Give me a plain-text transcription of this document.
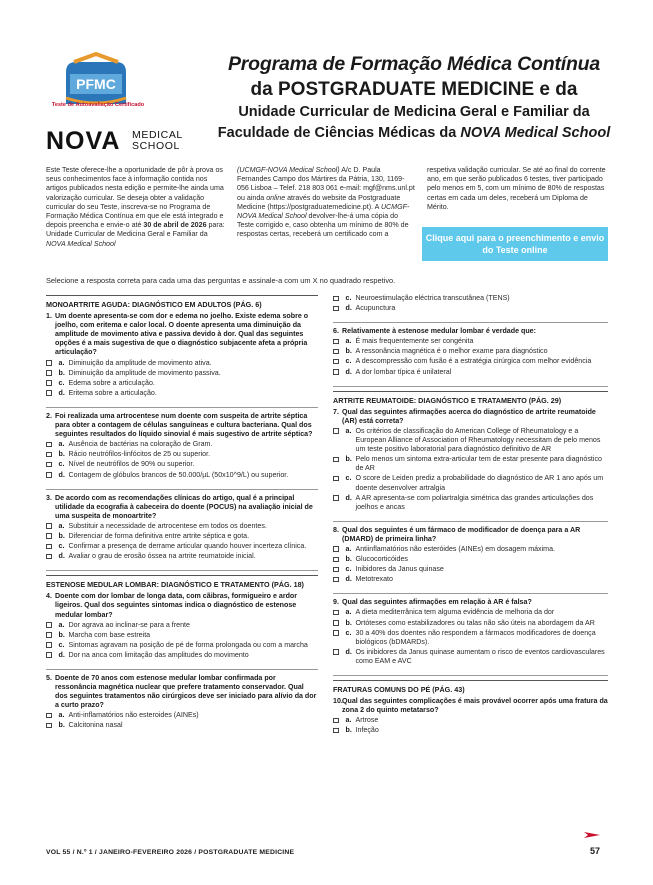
PFMC
Teste de Autoavaliação Certificado
NOVA MEDICAL
SCHOOL
Programa de Formação Médica Contínua
da POSTGRADUATE MEDICINE e da
Unidade Curricular de Medicina Geral e Familiar da
Faculdade de Ciências Médicas da NOVA Medical School
Este Teste oferece-lhe a oportunidade de pôr à prova os seus conhecimentos face à informação contida nos artigos publicados nesta edição e permite-lhe ainda uma valorização curricular. Se deseja obter a validação curricular do seu Teste, inscreva-se no Programa de Formação Médica Contínua em que ele está integrado e depois preencha e envie-o até 30 de abril de 2026 para: Unidade Curricular de Medicina Geral e Familiar da NOVA Medical School
(UCMGF-NOVA Medical School) A/c D. Paula Fernandes Campo dos Mártires da Pátria, 130, 1169-056 Lisboa – Telef. 218 803 061 e-mail: mgf@nms.unl.pt ou ainda online através do website da Postgraduate Medicine (https://postgraduatemedicine.pt). A UCMGF-NOVA Medical School devolver-lhe-á uma cópia do Teste corrigido e, caso obtenha um mínimo de 80% de respostas certas, receberá um certificado com a
respetiva validação curricular. Se até ao final do corrente ano, em que serão publicados 6 testes, tiver participado pelo menos em 5, com um mínimo de 80% de respostas certas em cada um deles, receberá um Diploma de Mérito.
Clique aqui para o preenchimento e envio do Teste online
Selecione a resposta correta para cada uma das perguntas e assinale-a com um X no quadrado respetivo.
MONOARTRITE AGUDA: DIAGNÓSTICO EM ADULTOS (PÁG. 6)
1. Um doente apresenta-se com dor e edema no joelho. Existe edema sobre o joelho, com eritema e calor local. O doente apresenta uma diminuição da amplitude de movimento ativa e passiva devido à dor. Qual das seguintes opções é a mais sugestiva de que o diagnóstico subjacente afeta a própria articulação?
a. Diminuição da amplitude de movimento ativa.
b. Diminuição da amplitude de movimento passiva.
c. Edema sobre a articulação.
d. Eritema sobre a articulação.
2. Foi realizada uma artrocentese num doente com suspeita de artrite séptica para obter a contagem de células sanguíneas e cultura bacteriana. Qual dos seguintes resultados do líquido sinovial é mais sugestivo de artrite séptica?
a. Ausência de bactérias na coloração de Gram.
b. Rácio neutrófilos-linfócitos de 25 ou superior.
c. Nível de neutrófilos de 90% ou superior.
d. Contagem de glóbulos brancos de 50.000/µL (50x10^9/L) ou superior.
3. De acordo com as recomendações clínicas do artigo, qual é a principal utilidade da ecografia à cabeceira do doente (POCUS) na avaliação inicial de uma suspeita de monoartrite?
a. Substituir a necessidade de artrocentese em todos os doentes.
b. Diferenciar de forma definitiva entre artrite séptica e gota.
c. Confirmar a presença de derrame articular quando houver incerteza clínica.
d. Avaliar o grau de erosão óssea na artrite reumatoide inicial.
ESTENOSE MEDULAR LOMBAR: DIAGNÓSTICO E TRATAMENTO (PÁG. 18)
4. Doente com dor lombar de longa data, com cãibras, formigueiro e ardor ligeiros. Qual dos seguintes sintomas indica o diagnóstico de estenose medular lombar?
a. Dor agrava ao inclinar-se para a frente
b. Marcha com base estreita
c. Sintomas agravam na posição de pé de forma prolongada ou com a marcha
d. Dor na anca com limitação das amplitudes do movimento
5. Doente de 70 anos com estenose medular lombar confirmada por ressonância magnética nuclear que prefere tratamento conservador. Qual dos seguintes tratamentos não cirúrgicos deve ser iniciado para alívio da dor a curto prazo?
a. Anti-inflamatórios não esteroides (AINEs)
b. Calcitonina nasal
c. Neuroestimulação eléctrica transcutânea (TENS)
d. Acupunctura
6. Relativamente à estenose medular lombar é verdade que:
a. É mais frequentemente ser congénita
b. A ressonância magnética é o melhor exame para diagnóstico
c. A descompressão com fusão é a estratégia cirúrgica com melhor evidência
d. A dor lombar típica é unilateral
ARTRITE REUMATOIDE: DIAGNÓSTICO E TRATAMENTO (PÁG. 29)
7. Qual das seguintes afirmações acerca do diagnóstico de artrite reumatoide (AR) está correta?
a. Os critérios de classificação do American College of Rheumatology e a European Alliance of Association of Rheumatology necessitam de pelo menos um teste positivo laboratorial para diagnóstico definitivo de AR
b. Pelo menos um sintoma extra-articular tem de estar presente para diagnóstico de AR
c. O score de Leiden prediz a probabilidade do diagnóstico de AR 1 ano após um doente desenvolver artralgia
d. A AR apresenta-se com poliartralgia simétrica das grandes articulações dos joelhos e ancas
8. Qual dos seguintes é um fármaco de modificador de doença para a AR (DMARD) de primeira linha?
a. Antiinflamatórios não esteróides (AINEs) em dosagem máxima.
b. Glucocorticóides
c. Inibidores da Janus quinase
d. Metotrexato
9. Qual das seguintes afirmações em relação à AR é falsa?
a. A dieta mediterrânica tem alguma evidência de melhoria da dor
b. Ortóteses como estabilizadores ou talas não são úteis na abordagem da AR
c. 30 a 40% dos doentes não respondem a fármacos modificadores de doença biológicos (bDMARDs).
d. Os inibidores da Janus quinase aumentam o risco de eventos cardiovasculares como EAM e AVC
FRATURAS COMUNS DO PÉ (PÁG. 43)
10. Qual das seguintes complicações é mais provável ocorrer após uma fratura da zona 2 do quinto metatarso?
a. Artrose
b. Infeção
VOL 55 / N.º 1 / JANEIRO-FEVEREIRO 2026 / POSTGRADUATE MEDICINE	57
